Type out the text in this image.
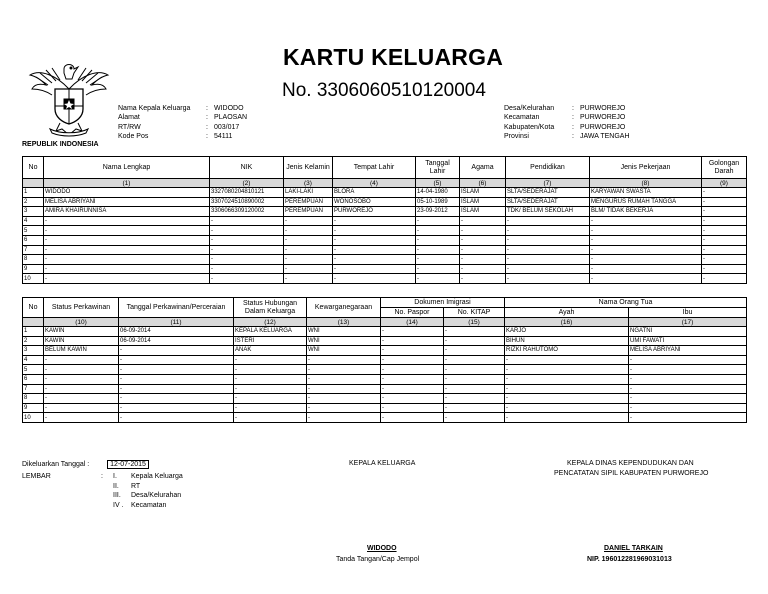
REPUBLIK INDONESIA
KARTU KELUARGA
No. 3306060510120004
Nama Kepala Keluarga : WIDODO
Alamat	: PLAOSAN
RT/RW	: 003/017
Kode Pos	: 54111
Desa/Kelurahan	: PURWOREJO
Kecamatan	: PURWOREJO
Kabupaten/Kota	: PURWOREJO
Provinsi	: JAWA TENGAH
No	Nama Lengkap	NIK	Jenis Kelamin	Tempat Lahir	Tanggal Lahir	Agama	Pendidikan	Jenis Pekerjaan	Golongan Darah
	(1)	(2)	(3)	(4)	(5)	(6)	(7)	(8)	(9)
1	WIDODO	3327080204810121	LAKI-LAKI	BLORA	14-04-1980	ISLAM	SLTA/SEDERAJAT	KARYAWAN SWASTA	-
2	MELISA ABRIYANI	3307024510890002	PEREMPUAN	WONOSOBO	05-10-1989	ISLAM	SLTA/SEDERAJAT	MENGURUS RUMAH TANGGA	-
3	AMIRA KHAIRUNNISA	3306066309120002	PEREMPUAN	PURWOREJO	23-09-2012	ISLAM	TDK/ BELUM SEKOLAH	BLM/ TIDAK BEKERJA	-
4	-	-	-	-	-	-	-	-	-
5	-	-	-	-	-	-	-	-	-
6	-	-	-	-	-	-	-	-	-
7	-	-	-	-	-	-	-	-	-
8	-	-	-	-	-	-	-	-	-
9	-	-	-	-	-	-	-	-	-
10	-	-	-	-	-	-	-	-	-
No	Status Perkawinan	Tanggal Perkawinan/Perceraian	Status Hubungan Dalam Keluarga	Kewarganegaraan	Dokumen Imigrasi		Nama Orang Tua	
					No. Paspor	No. KITAP	Ayah	Ibu
	(10)	(11)	(12)	(13)	(14)	(15)	(16)	(17)
1	KAWIN	06-09-2014	KEPALA KELUARGA	WNI	-	-	KARJO	NGATNI
2	KAWIN	06-09-2014	ISTERI	WNI	-	-	BIHUN	UMI FAWATI
3	BELUM KAWIN	-	ANAK	WNI	-	-	RIZKI RAHUTOMO	MELISA ABRIYANI
4	-	-	-	-	-	-	-	-
5	-	-	-	-	-	-	-	-
6	-	-	-	-	-	-	-	-
7	-	-	-	-	-	-	-	-
8	-	-	-	-	-	-	-	-
9	-	-	-	-	-	-	-	-
10	-	-	-	-	-	-	-	-
Dikeluarkan Tanggal :	12-07-2015
LEMBAR	: I. Kepala Keluarga
II. RT
III. Desa/Kelurahan
IV . Kecamatan
KEPALA KELUARGA
WIDODO
Tanda Tangan/Cap Jempol
KEPALA DINAS KEPENDUDUKAN DAN
PENCATATAN SIPIL KABUPATEN PURWOREJO
DANIEL TARKAIN
NIP. 196012281969031013
